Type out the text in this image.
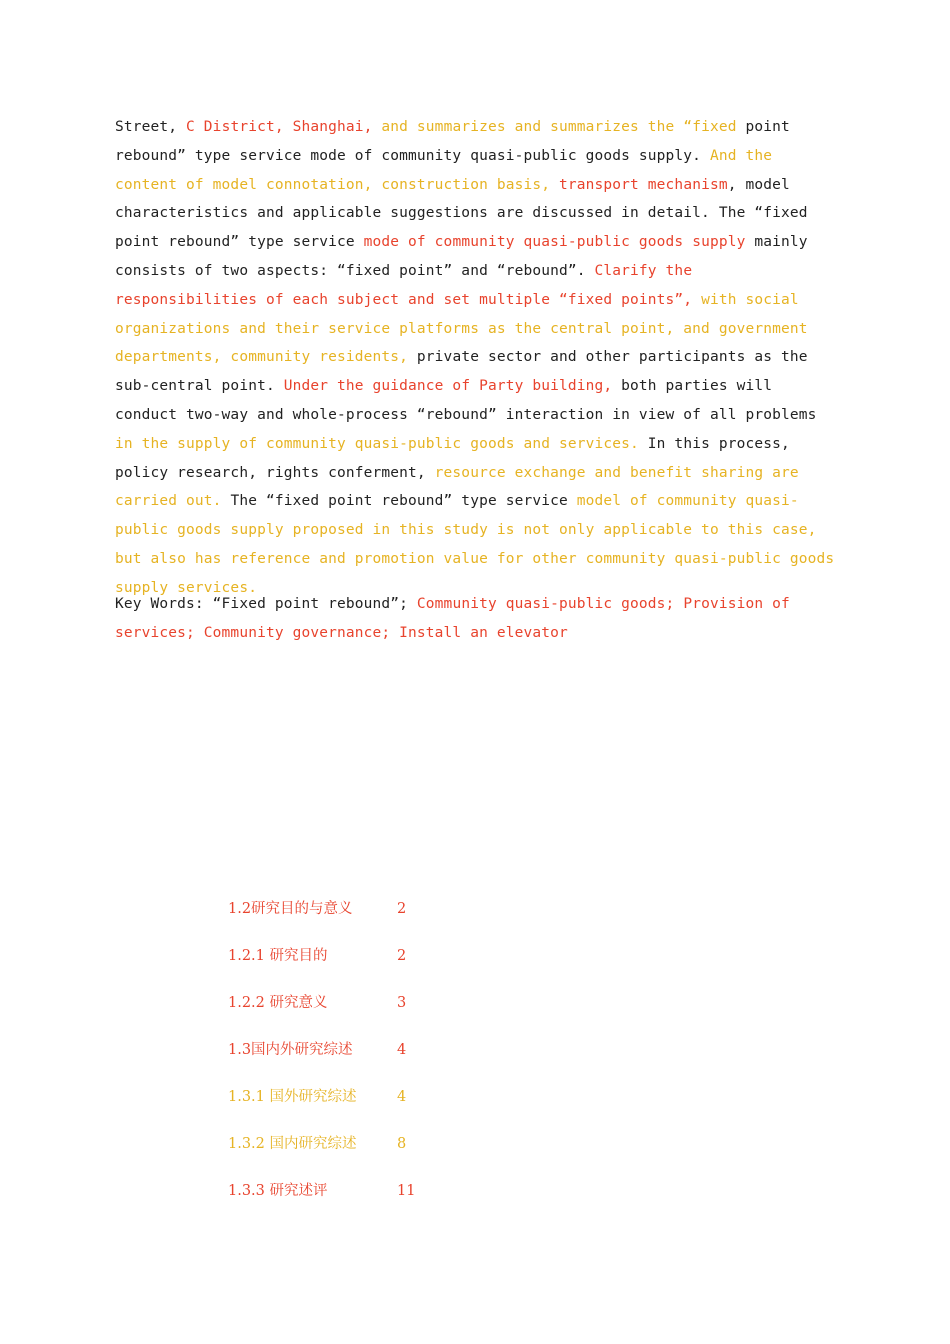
Street, C District, Shanghai, and summarizes and summarizes the “fixed point rebound” type service mode of community quasi-public goods supply. And the content of model connotation, construction basis, transport mechanism, model characteristics and applicable suggestions are discussed in detail. The “fixed point rebound” type service mode of community quasi-public goods supply mainly consists of two aspects: “fixed point” and “rebound”. Clarify the responsibilities of each subject and set multiple “fixed points”, with social organizations and their service platforms as the central point, and government departments, community residents, private sector and other participants as the sub-central point. Under the guidance of Party building, both parties will conduct two-way and whole-process “rebound” interaction in view of all problems in the supply of community quasi-public goods and services. In this process, policy research, rights conferment, resource exchange and benefit sharing are carried out. The “fixed point rebound” type service model of community quasi-public goods supply proposed in this study is not only applicable to this case, but also has reference and promotion value for other community quasi-public goods supply services.

Key Words: “Fixed point rebound”; Community quasi-public goods; Provision of services; Community governance; Install an elevator

1.2研究目的与意义	2
1.2.1 研究目的	2
1.2.2 研究意义	3
1.3国内外研究综述	4
1.3.1 国外研究综述	4
1.3.2 国内研究综述	8
1.3.3 研究述评	11
